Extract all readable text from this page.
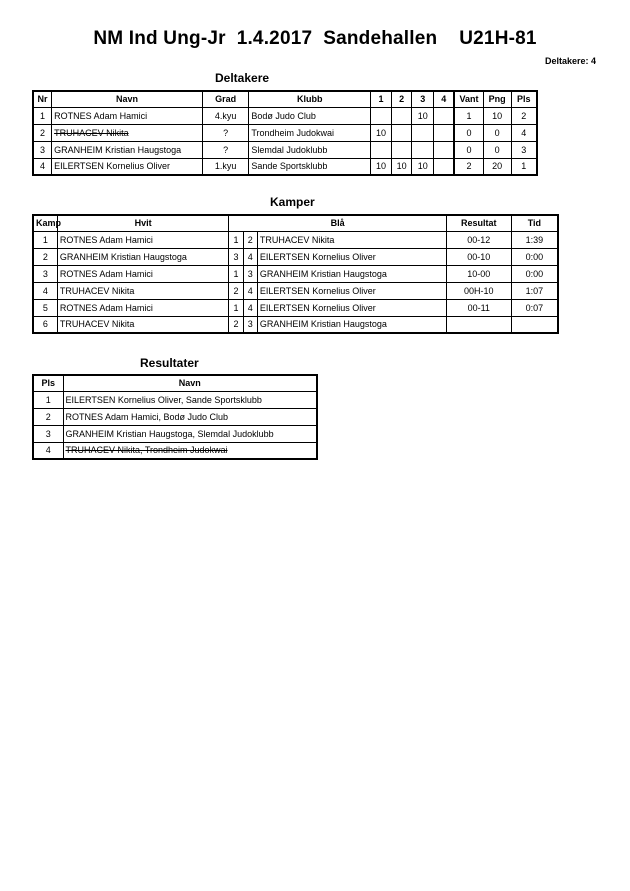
NM Ind Ung-Jr  1.4.2017  Sandehallen    U21H-81
Deltakere: 4
Deltakere
Nr	Navn	Grad	Klubb	1	2	3	4	Vant	Png	Pls
1	ROTNES Adam Hamici	4.kyu	Bodø Judo Club			10		1	10	2
2	TRUHACEV Nikita	?	Trondheim Judokwai	10				0	0	4
3	GRANHEIM Kristian Haugstoga	?	Slemdal Judoklubb					0	0	3
4	EILERTSEN Kornelius Oliver	1.kyu	Sande Sportsklubb	10	10	10		2	20	1
Kamper
Kamp	Hvit	Blå			Resultat	Tid
1	ROTNES Adam Hamici	1	2	TRUHACEV Nikita	00-12	1:39
2	GRANHEIM Kristian Haugstoga	3	4	EILERTSEN Kornelius Oliver	00-10	0:00
3	ROTNES Adam Hamici	1	3	GRANHEIM Kristian Haugstoga	10-00	0:00
4	TRUHACEV Nikita	2	4	EILERTSEN Kornelius Oliver	00H-10	1:07
5	ROTNES Adam Hamici	1	4	EILERTSEN Kornelius Oliver	00-11	0:07
6	TRUHACEV Nikita	2	3	GRANHEIM Kristian Haugstoga		
Resultater
Pls	Navn
1	EILERTSEN Kornelius Oliver, Sande Sportsklubb
2	ROTNES Adam Hamici, Bodø Judo Club
3	GRANHEIM Kristian Haugstoga, Slemdal Judoklubb
4	TRUHACEV Nikita, Trondheim Judokwai
